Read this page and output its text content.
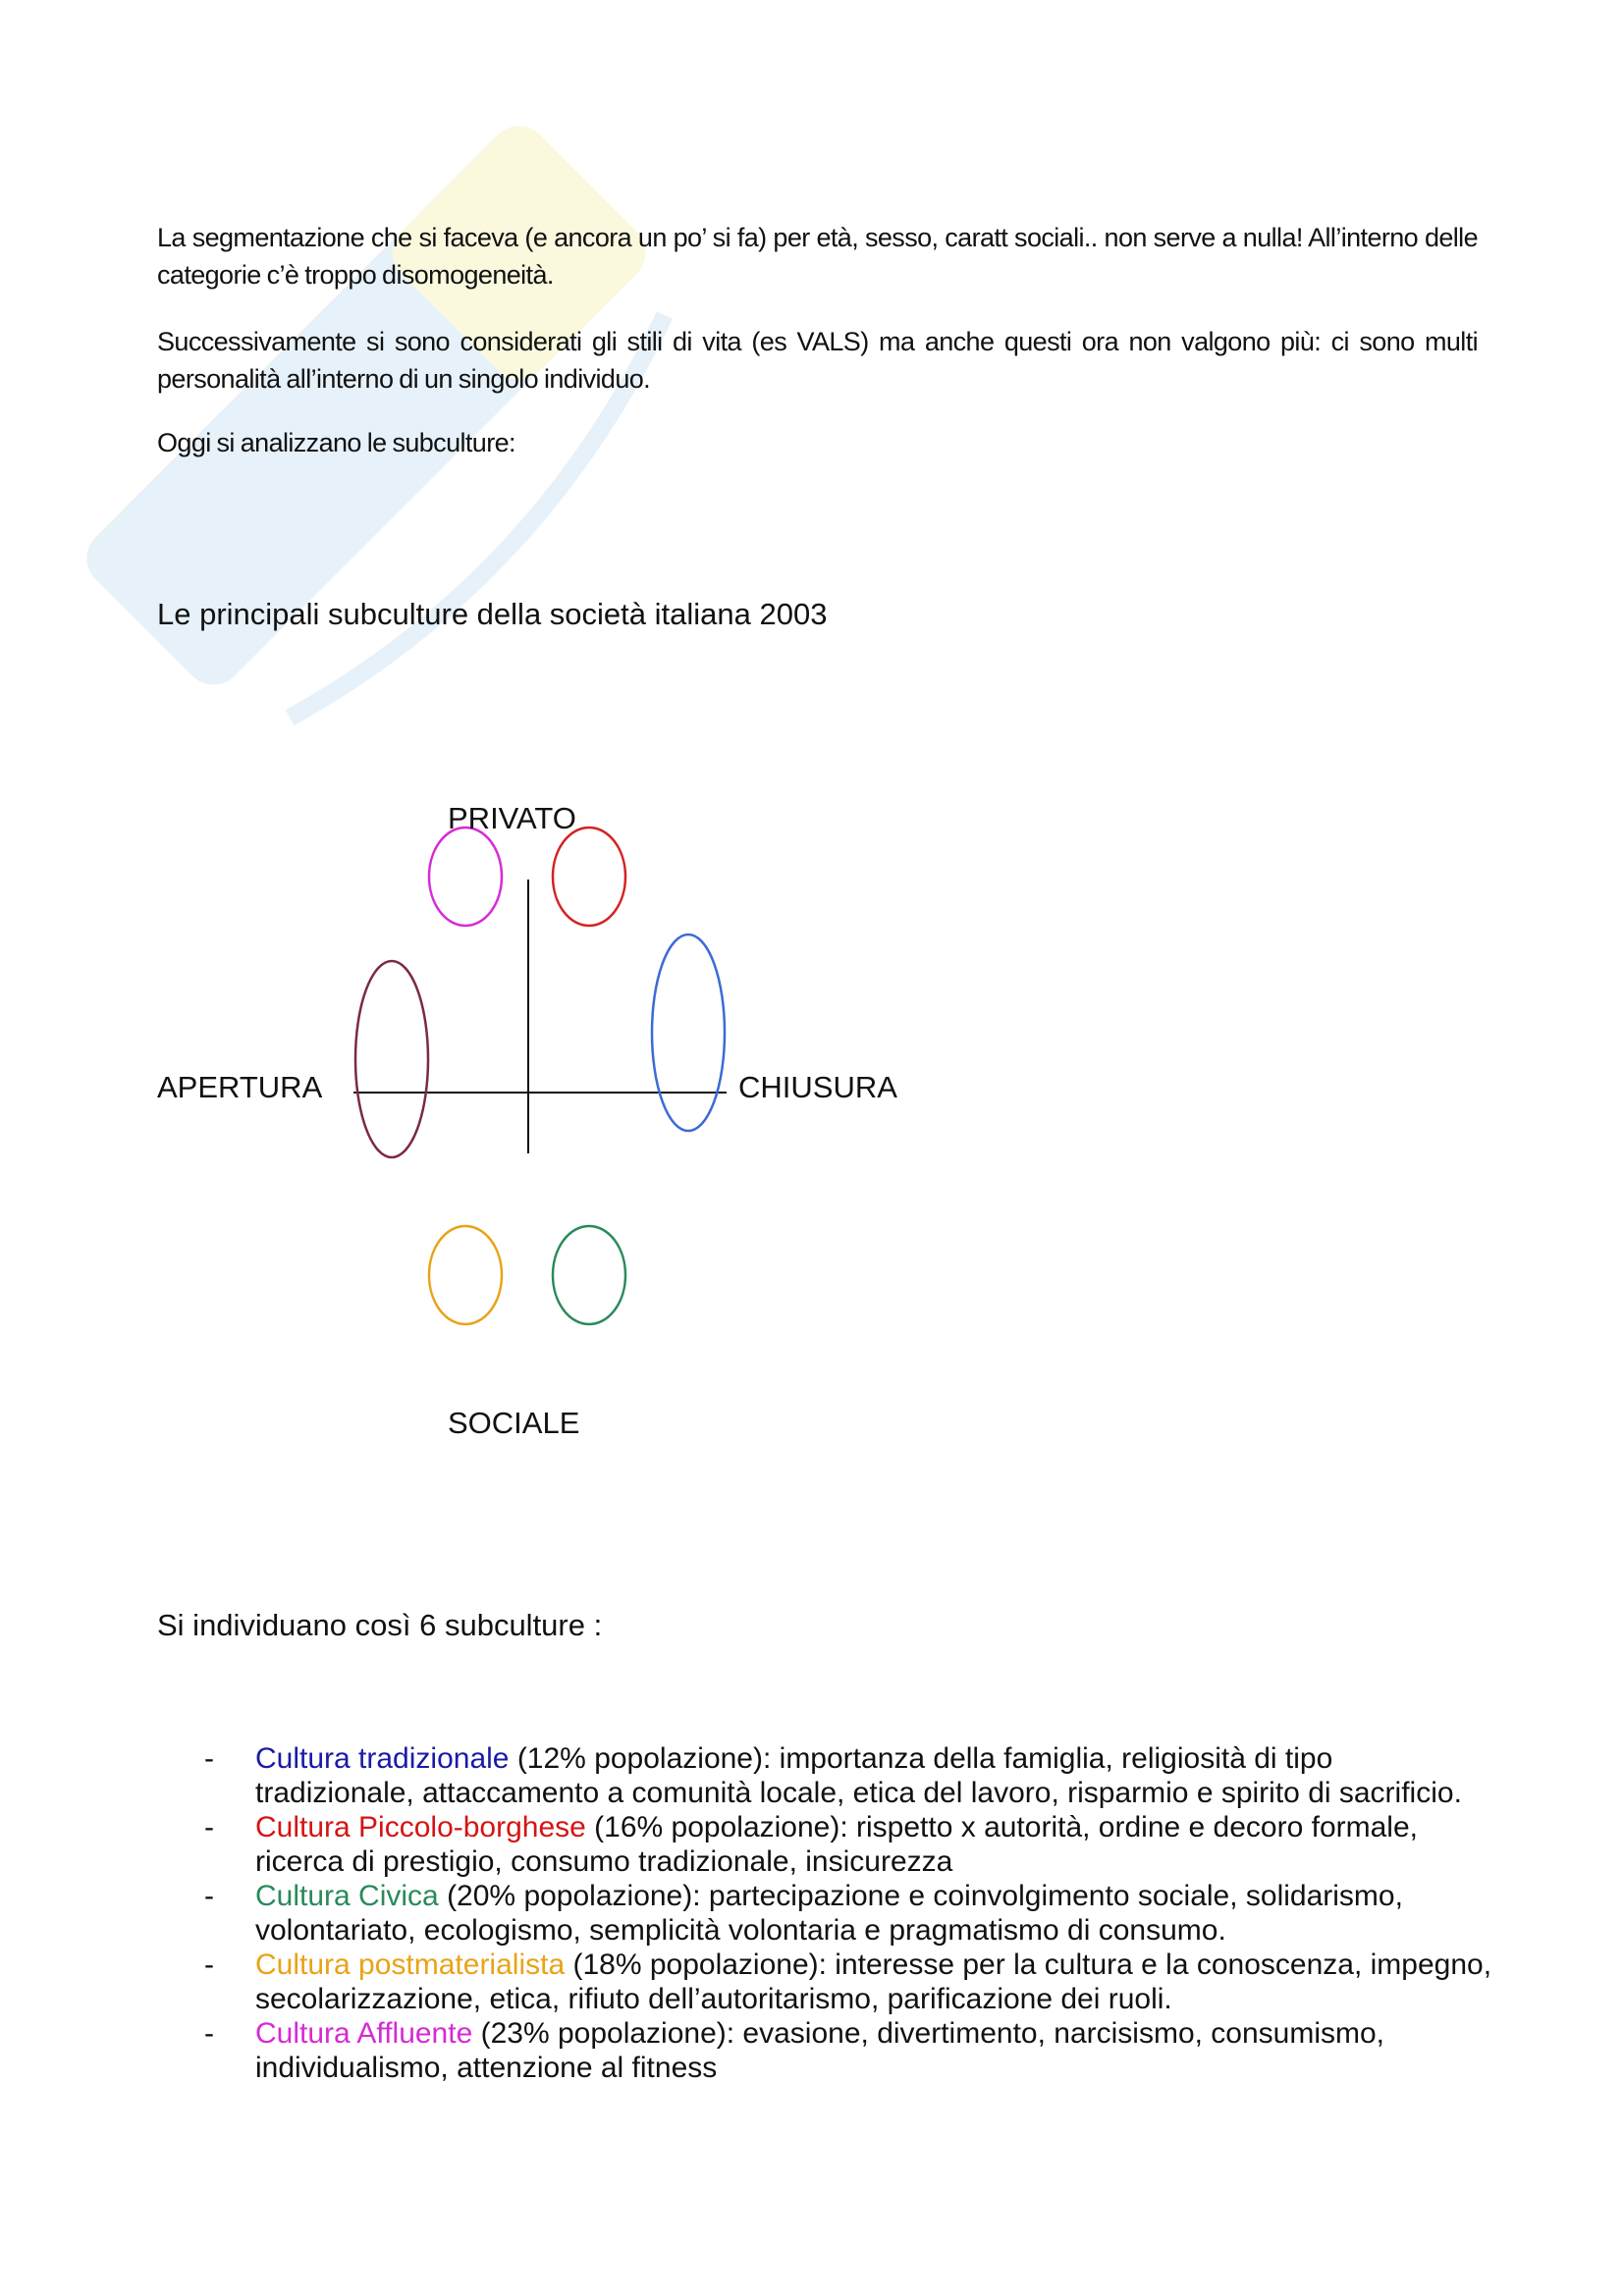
La segmentazione che si faceva (e ancora un po’ si fa) per età, sesso, caratt sociali.. non serve a nulla! All’interno delle categorie c’è troppo disomogeneità.

Successivamente si sono considerati gli stili di vita (es VALS) ma anche questi ora non valgono più: ci sono multi personalità all’interno di un singolo individuo.

Oggi si analizzano le subculture:

Le principali subculture della società italiana 2003
PRIVATO
APERTURA	CHIUSURA
SOCIALE
Si individuano così 6 subculture :
- Cultura tradizionale (12% popolazione): importanza della famiglia, religiosità di tipo tradizionale, attaccamento a comunità locale, etica del lavoro, risparmio e spirito di sacrificio.
- Cultura Piccolo-borghese (16% popolazione): rispetto x autorità, ordine e decoro formale, ricerca di prestigio, consumo tradizionale, insicurezza
- Cultura Civica (20% popolazione): partecipazione e coinvolgimento sociale, solidarismo, volontariato, ecologismo, semplicità volontaria e pragmatismo di consumo.
- Cultura postmaterialista (18% popolazione): interesse per la cultura e la conoscenza, impegno, secolarizzazione, etica, rifiuto dell’autoritarismo, parificazione dei ruoli.
- Cultura Affluente (23% popolazione): evasione, divertimento, narcisismo, consumismo, individualismo, attenzione al fitness
